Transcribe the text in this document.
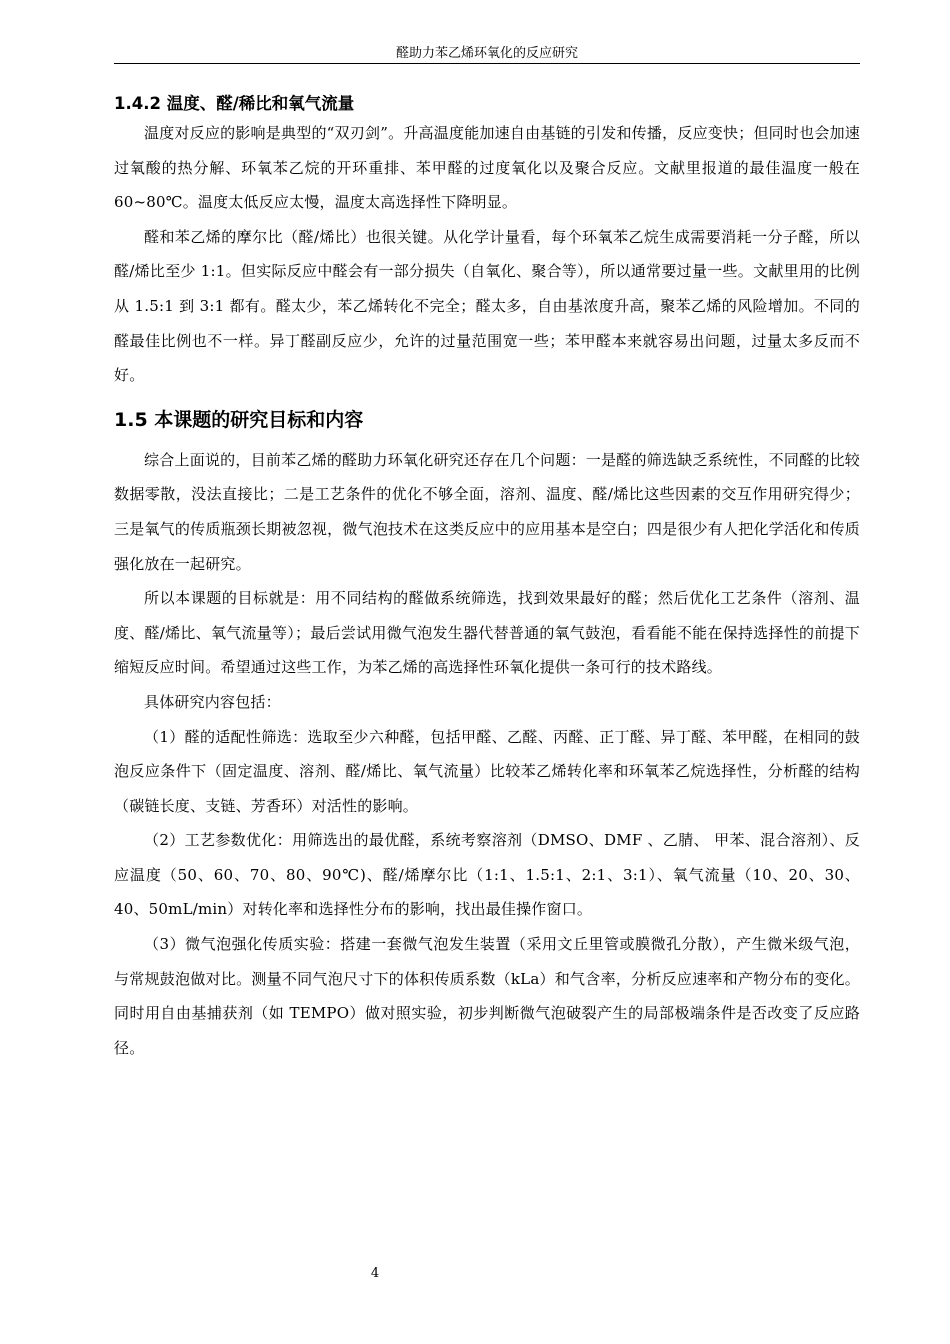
醛助力苯乙烯环氧化的反应研究
1.4.2 温度、醛/稀比和氧气流量

温度对反应的影响是典型的“双刃剑”。升高温度能加速自由基链的引发和传播，反应变快；但同时也会加速过氧酸的热分解、环氧苯乙烷的开环重排、苯甲醛的过度氧化以及聚合反应。文献里报道的最佳温度一般在 60~80℃。温度太低反应太慢，温度太高选择性下降明显。

醛和苯乙烯的摩尔比（醛/烯比）也很关键。从化学计量看，每个环氧苯乙烷生成需要消耗一分子醛，所以醛/烯比至少 1:1。但实际反应中醛会有一部分损失（自氧化、聚合等），所以通常要过量一些。文献里用的比例从 1.5:1 到 3:1 都有。醛太少，苯乙烯转化不完全；醛太多，自由基浓度升高，聚苯乙烯的风险增加。不同的醛最佳比例也不一样。异丁醛副反应少，允许的过量范围宽一些；苯甲醛本来就容易出问题，过量太多反而不好。

1.5 本课题的研究目标和内容

综合上面说的，目前苯乙烯的醛助力环氧化研究还存在几个问题：一是醛的筛选缺乏系统性，不同醛的比较数据零散，没法直接比；二是工艺条件的优化不够全面，溶剂、温度、醛/烯比这些因素的交互作用研究得少；三是氧气的传质瓶颈长期被忽视，微气泡技术在这类反应中的应用基本是空白；四是很少有人把化学活化和传质强化放在一起研究。

所以本课题的目标就是：用不同结构的醛做系统筛选，找到效果最好的醛；然后优化工艺条件（溶剂、温度、醛/烯比、氧气流量等）；最后尝试用微气泡发生器代替普通的氧气鼓泡，看看能不能在保持选择性的前提下缩短反应时间。希望通过这些工作，为苯乙烯的高选择性环氧化提供一条可行的技术路线。

具体研究内容包括：

（1）醛的适配性筛选：选取至少六种醛，包括甲醛、乙醛、丙醛、正丁醛、异丁醛、苯甲醛，在相同的鼓泡反应条件下（固定温度、溶剂、醛/烯比、氧气流量）比较苯乙烯转化率和环氧苯乙烷选择性，分析醛的结构（碳链长度、支链、芳香环）对活性的影响。

（2）工艺参数优化：用筛选出的最优醛，系统考察溶剂（DMSO、DMF 、乙腈、 甲苯、混合溶剂）、反应温度（50、60、70、80、90℃)、醛/烯摩尔比（1:1、1.5:1、2:1、3:1）、氧气流量（10、20、30、40、50mL/min）对转化率和选择性分布的影响，找出最佳操作窗口。

（3）微气泡强化传质实验：搭建一套微气泡发生装置（采用文丘里管或膜微孔分散），产生微米级气泡，与常规鼓泡做对比。测量不同气泡尺寸下的体积传质系数（kLa）和气含率，分析反应速率和产物分布的变化。同时用自由基捕获剂（如 TEMPO）做对照实验，初步判断微气泡破裂产生的局部极端条件是否改变了反应路径。

4
